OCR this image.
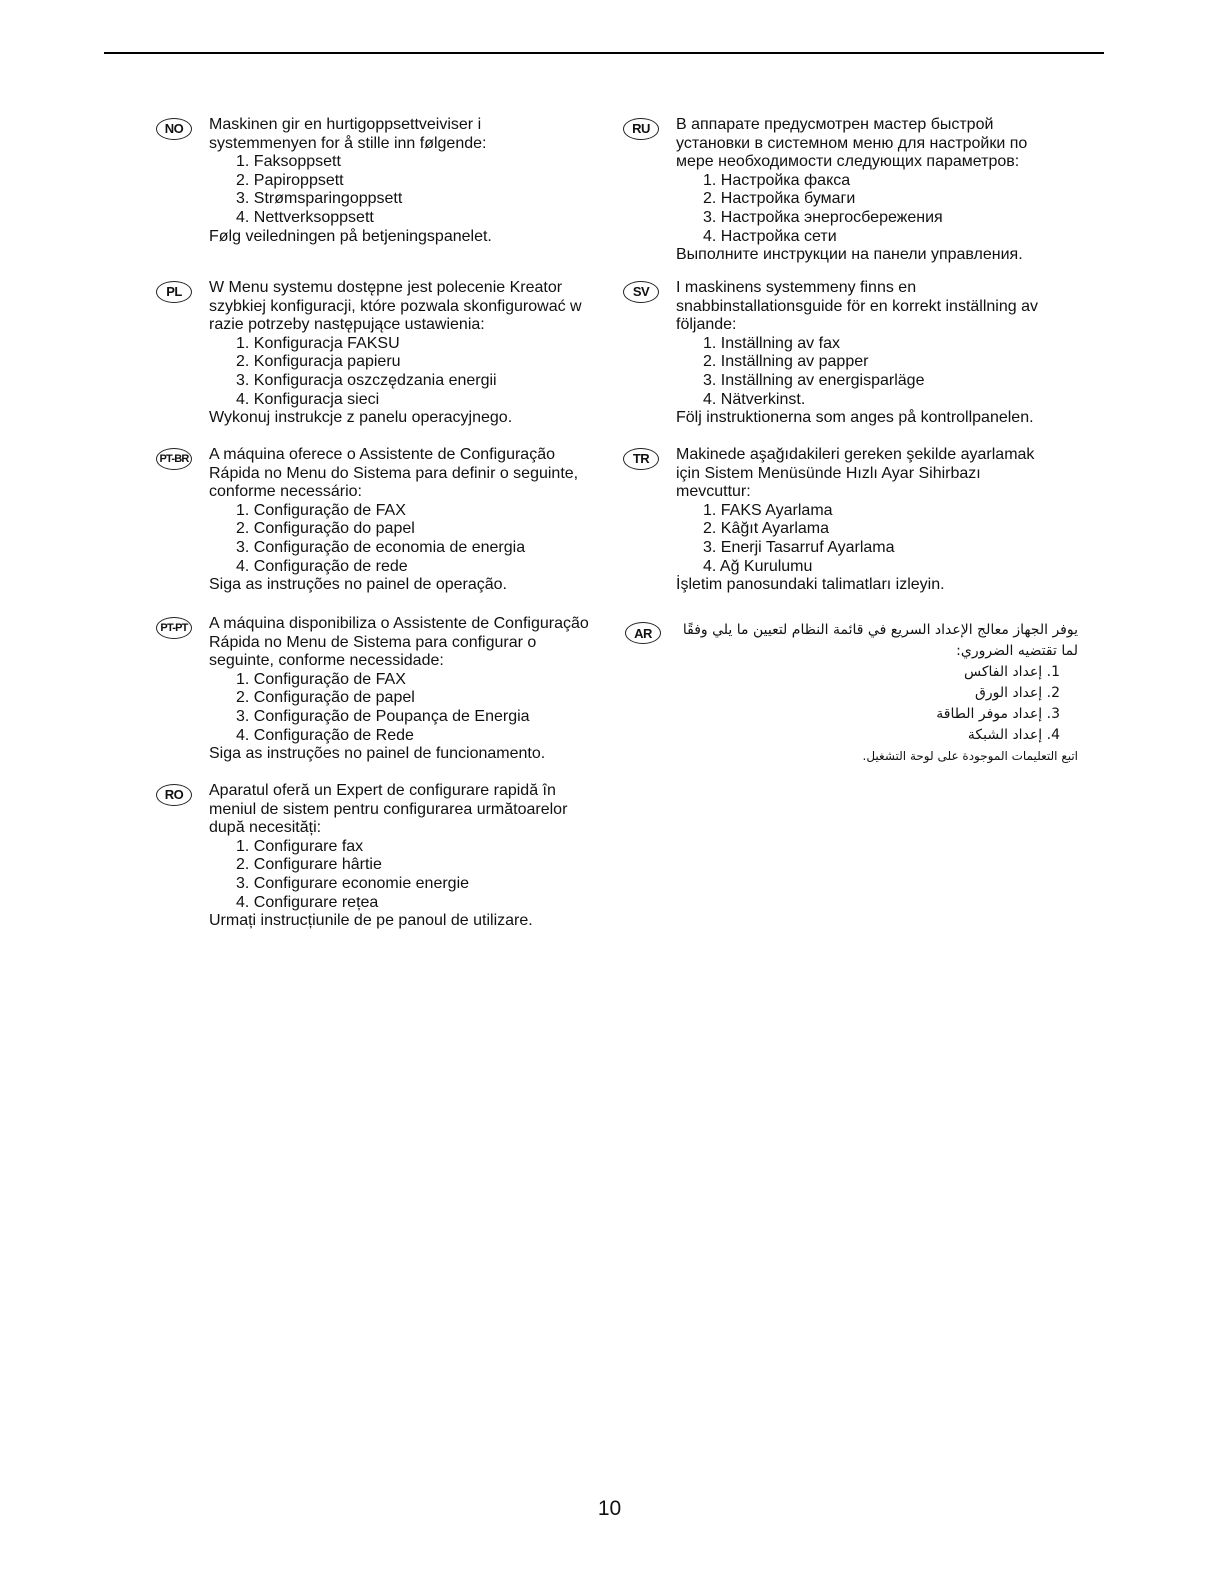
NO	Maskinen gir en hurtigoppsettveiviser i
systemmenyen for å stille inn følgende:
1. Faksoppsett
2. Papiroppsett
3. Strømsparingoppsett
4. Nettverksoppsett
Følg veiledningen på betjeningspanelet.
RU	В аппарате предусмотрен мастер быстрой
установки в системном меню для настройки по
мере необходимости следующих параметров:
1. Настройка факса
2. Настройка бумаги
3. Настройка энергосбережения
4. Настройка сети
Выполните инструкции на панели управления.
PL	W Menu systemu dostępne jest polecenie Kreator
szybkiej konfiguracji, które pozwala skonfigurować w
razie potrzeby następujące ustawienia:
1. Konfiguracja FAKSU
2. Konfiguracja papieru
3. Konfiguracja oszczędzania energii
4. Konfiguracja sieci
Wykonuj instrukcje z panelu operacyjnego.
SV	I maskinens systemmeny finns en
snabbinstallationsguide för en korrekt inställning av
följande:
1. Inställning av fax
2. Inställning av papper
3. Inställning av energisparläge
4. Nätverkinst.
Följ instruktionerna som anges på kontrollpanelen.
PT-BR A máquina oferece o Assistente de Configuração
Rápida no Menu do Sistema para definir o seguinte,
conforme necessário:
1. Configuração de FAX
2. Configuração do papel
3. Configuração de economia de energia
4. Configuração de rede
Siga as instruções no painel de operação.
TR	Makinede aşağıdakileri gereken şekilde ayarlamak
için Sistem Menüsünde Hızlı Ayar Sihirbazı
mevcuttur:
1. FAKS Ayarlama
2. Kâğıt Ayarlama
3. Enerji Tasarruf Ayarlama
4. Ağ Kurulumu
İşletim panosundaki talimatları izleyin.
PT-PT A máquina disponibiliza o Assistente de Configuração
Rápida no Menu de Sistema para configurar o
seguinte, conforme necessidade:
1. Configuração de FAX
2. Configuração de papel
3. Configuração de Poupança de Energia
4. Configuração de Rede
Siga as instruções no painel de funcionamento.
AR	يوفر الجهاز معالج الإعداد السريع في قائمة النظام لتعيين ما يلي وفقًا
لما تقتضيه الضروري:
1. إعداد الفاكس
2. إعداد الورق
3. إعداد موفر الطاقة
4. إعداد الشبكة
اتبع التعليمات الموجودة على لوحة التشغيل.
RO	Aparatul oferă un Expert de configurare rapidă în
meniul de sistem pentru configurarea următoarelor
după necesități:
1. Configurare fax
2. Configurare hârtie
3. Configurare economie energie
4. Configurare rețea
Urmați instrucțiunile de pe panoul de utilizare.
10
